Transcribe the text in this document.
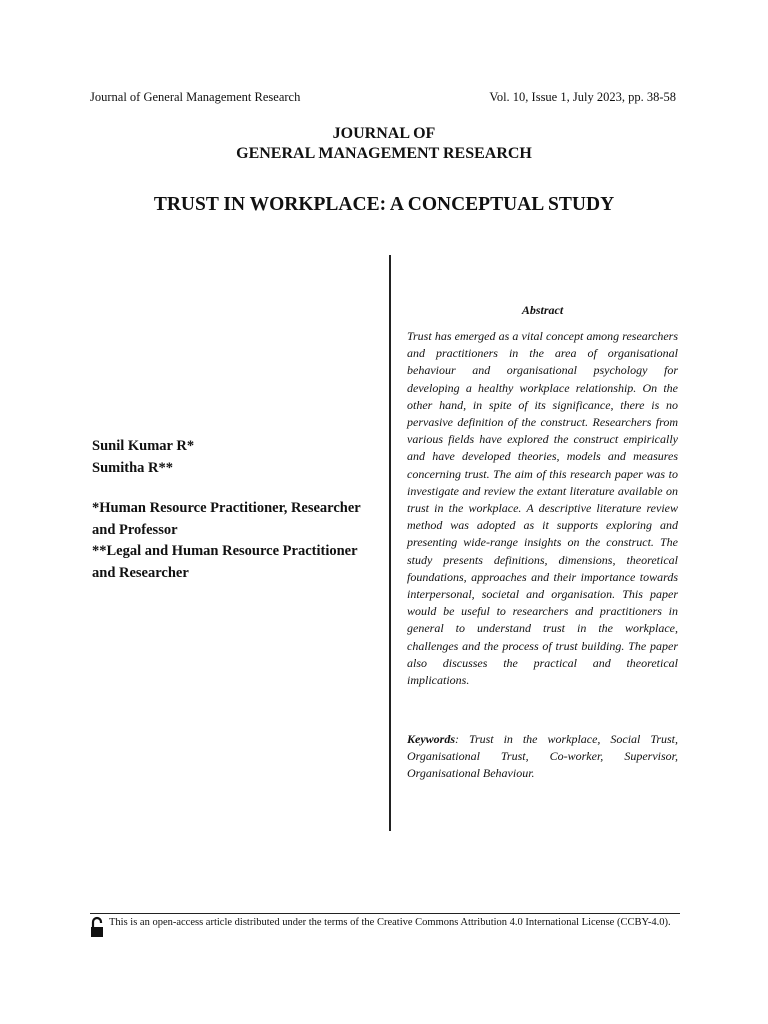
Journal of General Management Research	Vol. 10, Issue 1, July 2023, pp. 38-58
JOURNAL OF
GENERAL MANAGEMENT RESEARCH
TRUST IN WORKPLACE: A CONCEPTUAL STUDY
Sunil Kumar R*
Sumitha R**
*Human Resource Practitioner, Researcher and Professor
**Legal and Human Resource Practitioner and Researcher
Abstract
Trust has emerged as a vital concept among researchers and practitioners in the area of organisational behaviour and organisational psychology for developing a healthy workplace relationship. On the other hand, in spite of its significance, there is no pervasive definition of the construct. Researchers from various fields have explored the construct empirically and have developed theories, models and measures concerning trust. The aim of this research paper was to investigate and review the extant literature available on trust in the workplace. A descriptive literature review method was adopted as it supports exploring and presenting wide-range insights on the construct. The study presents definitions, dimensions, theoretical foundations, approaches and their importance towards interpersonal, societal and organisation. This paper would be useful to researchers and practitioners in general to understand trust in the workplace, challenges and the process of trust building. The paper also discusses the practical and theoretical implications.
Keywords: Trust in the workplace, Social Trust, Organisational Trust, Co-worker, Supervisor, Organisational Behaviour.
This is an open-access article distributed under the terms of the Creative Commons Attribution 4.0 International License (CCBY-4.0).
